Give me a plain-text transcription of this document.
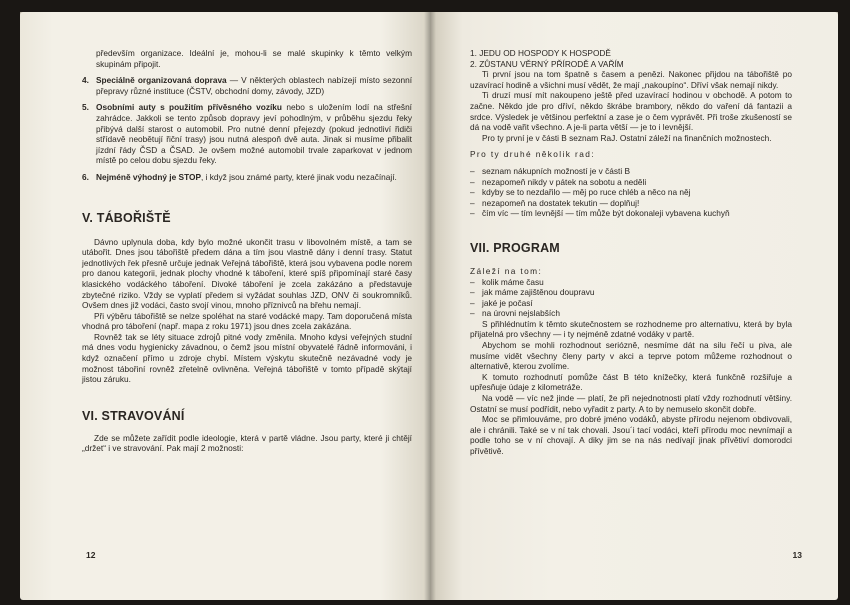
především organizace. Ideální je, mohou-li se malé skupinky k těmto velkým skupinám připojit.

4. Speciálně organizovaná doprava — V některých oblastech nabízejí místo sezonní přepravy různé instituce (ČSTV, obchodní domy, závody, JZD)
5. Osobními auty s použitím přívěsného vozíku nebo s uložením lodí na střešní zahrádce. Jakkoli se tento způsob dopravy jeví pohodlným, v průběhu sjezdu řeky přibývá další starost o automobil. Pro nutné denní přejezdy (pokud jednotliví řidiči střídavě neobětují řiční trasy) jsou nutná alespoň dvě auta. Jinak si musíme přibalit jízdní řády ČSD a ČSAD. Je ovšem možné automobil trvale zaparkovat v jednom místě po celou dobu sjezdu řeky.
6. Nejméně výhodný je STOP, i když jsou známé party, které jinak vodu nezačínají.
V. TÁBOŘIŠTĚ

Dávno uplynula doba, kdy bylo možné ukončit trasu v libovolném místě, a tam se utábořit. Dnes jsou tábořiště předem dána a tím jsou vlastně dány i denní trasy. Statut jednotlivých řek přesně určuje jednak Veřejná tábořiště, která jsou vybavena podle norem pro danou kategorii, jednak plochy vhodné k táboření, které spíš připomínají staré časy klasického vodáckého táboření. Divoké táboření je zcela zakázáno a představuje zbytečné riziko. Vždy se vyplatí předem si vyžádat souhlas JZD, ONV či soukromníků. Ovšem dnes již vodáci, často svojí vinou, mnoho příznivců na břehu nemají.

Při výběru tábořiště se nelze spoléhat na staré vodácké mapy. Tam doporučená místa vhodná pro táboření (např. mapa z roku 1971) jsou dnes zcela zakázána.

Rovněž tak se léty situace zdrojů pitné vody změnila. Mnoho kdysi veřejných studní má dnes vodu hygienicky závadnou, o čemž jsou místní obyvatelé řádně informováni, i když označení přímo u zdroje chybí. Místem výskytu skutečně nezávadné vody je možnost tábořiní rovněž zřetelně ovlivněna. Veřejná tábořiště v tomto případě skýtají jistou záruku.

VI. STRAVOVÁNÍ

Zde se můžete zařídit podle ideologie, která v partě vládne. Jsou party, které ji chtějí „držet“ i ve stravování. Pak mají 2 možnosti:

12
1. JEDU OD HOSPODY K HOSPODĚ
2. ZŮSTANU VĚRNÝ PŘÍRODĚ A VAŘÍM

Ti první jsou na tom špatně s časem a penězi. Nakonec přijdou na tábořiště po uzavírací hodině a všichni musí vědět, že mají „nakoupíno“. Dříví však nemají nikdy.

Ti druzí musí mít nakoupeno ještě před uzavírací hodinou v obchodě. A potom to začne. Někdo jde pro dříví, někdo škrábe brambory, někdo do vaření dá fantazii a srdce. Výsledek je většinou perfektní a zase je o čem vyprávět. Při troše zkušeností se dá na vodě vařit všechno. A je-li parta větší — je to i levnější.

Pro ty první je v části B seznam RaJ. Ostatní záleží na finančních možnostech.

Pro ty druhé několik rad:
– seznam nákupních možností je v části B
– nezapomeň nikdy v pátek na sobotu a neděli
– kdyby se to nezdařilo — měj po ruce chléb a něco na něj
– nezapomeň na dostatek tekutin — doplňuj!
– čím víc — tím levnější — tím může být dokonaleji vybavena kuchyň
VII. PROGRAM
Záleží na tom:
– kolik máme času
– jak máme zajištěnou doupravu
– jaké je počasí
– na úrovni nejslabších

S přihlédnutím k těmto skutečnostem se rozhodneme pro alternativu, která by byla přijatelná pro všechny — i ty nejméně zdatné vodáky v partě.

Abychom se mohli rozhodnout seriózně, nesmíme dát na silu řečí u piva, ale musíme vidět všechny členy party v akci a teprve potom můžeme rozhodnout o alternativě, kterou zvolíme.

K tomuto rozhodnutí pomůže část B této knížečky, která funkčně rozšiřuje a upřesňuje údaje z kilometráže.

Na vodě — víc než jinde — platí, že při nejednotnosti platí vždy rozhodnutí většiny. Ostatní se musí podřídit, nebo vyřadit z party. A to by nemuselo skončit dobře.

Moc se přimlouváme, pro dobré jméno vodáků, abyste přírodu nejenom obdivovali, ale i chránili. Také se v ní tak chovali. Jsou´i tací vodáci, kteří přírodu moc nevnímají a podle toho se v ní chovají. A diky jim se na nás nedívají jinak přívětiví domorodci přívětivě.

13
